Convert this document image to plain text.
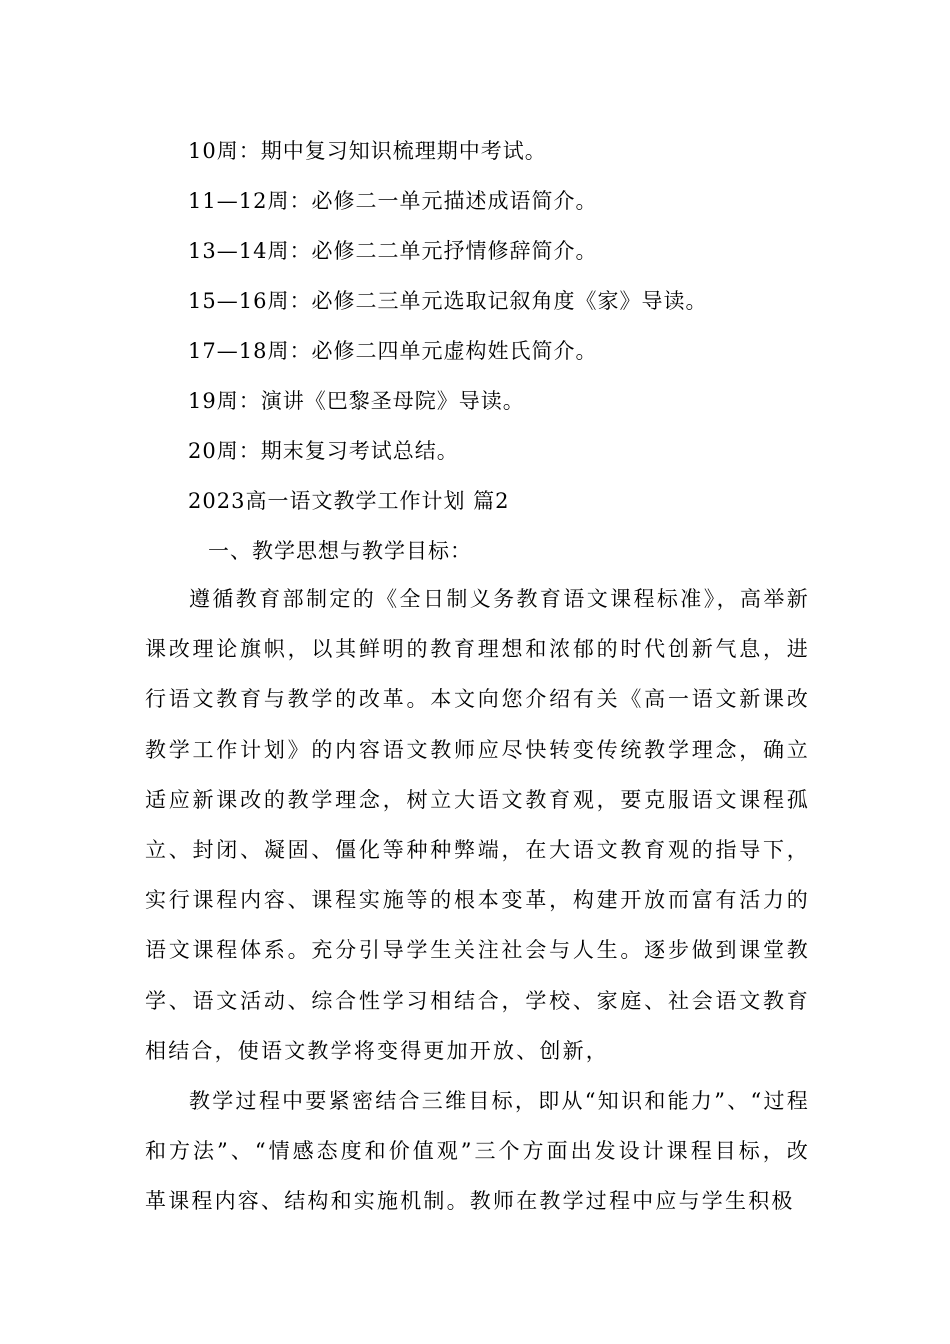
10周：期中复习知识梳理期中考试。
11—12周：必修二一单元描述成语简介。
13—14周：必修二二单元抒情修辞简介。
15—16周：必修二三单元选取记叙角度《家》导读。
17—18周：必修二四单元虚构姓氏简介。
19周：演讲《巴黎圣母院》导读。
20周：期末复习考试总结。
2023高一语文教学工作计划 篇2
一、教学思想与教学目标：

遵循教育部制定的《全日制义务教育语文课程标准》，高举新课改理论旗帜，以其鲜明的教育理想和浓郁的时代创新气息，进行语文教育与教学的改革。本文向您介绍有关《高一语文新课改教学工作计划》的内容语文教师应尽快转变传统教学理念，确立适应新课改的教学理念，树立大语文教育观，要克服语文课程孤立、封闭、凝固、僵化等种种弊端，在大语文教育观的指导下，实行课程内容、课程实施等的根本变革，构建开放而富有活力的语文课程体系。充分引导学生关注社会与人生。逐步做到课堂教学、语文活动、综合性学习相结合，学校、家庭、社会语文教育相结合，使语文教学将变得更加开放、创新，

教学过程中要紧密结合三维目标，即从“知识和能力”、“过程和方法”、“情感态度和价值观”三个方面出发设计课程目标，改革课程内容、结构和实施机制。教师在教学过程中应与学生积极
